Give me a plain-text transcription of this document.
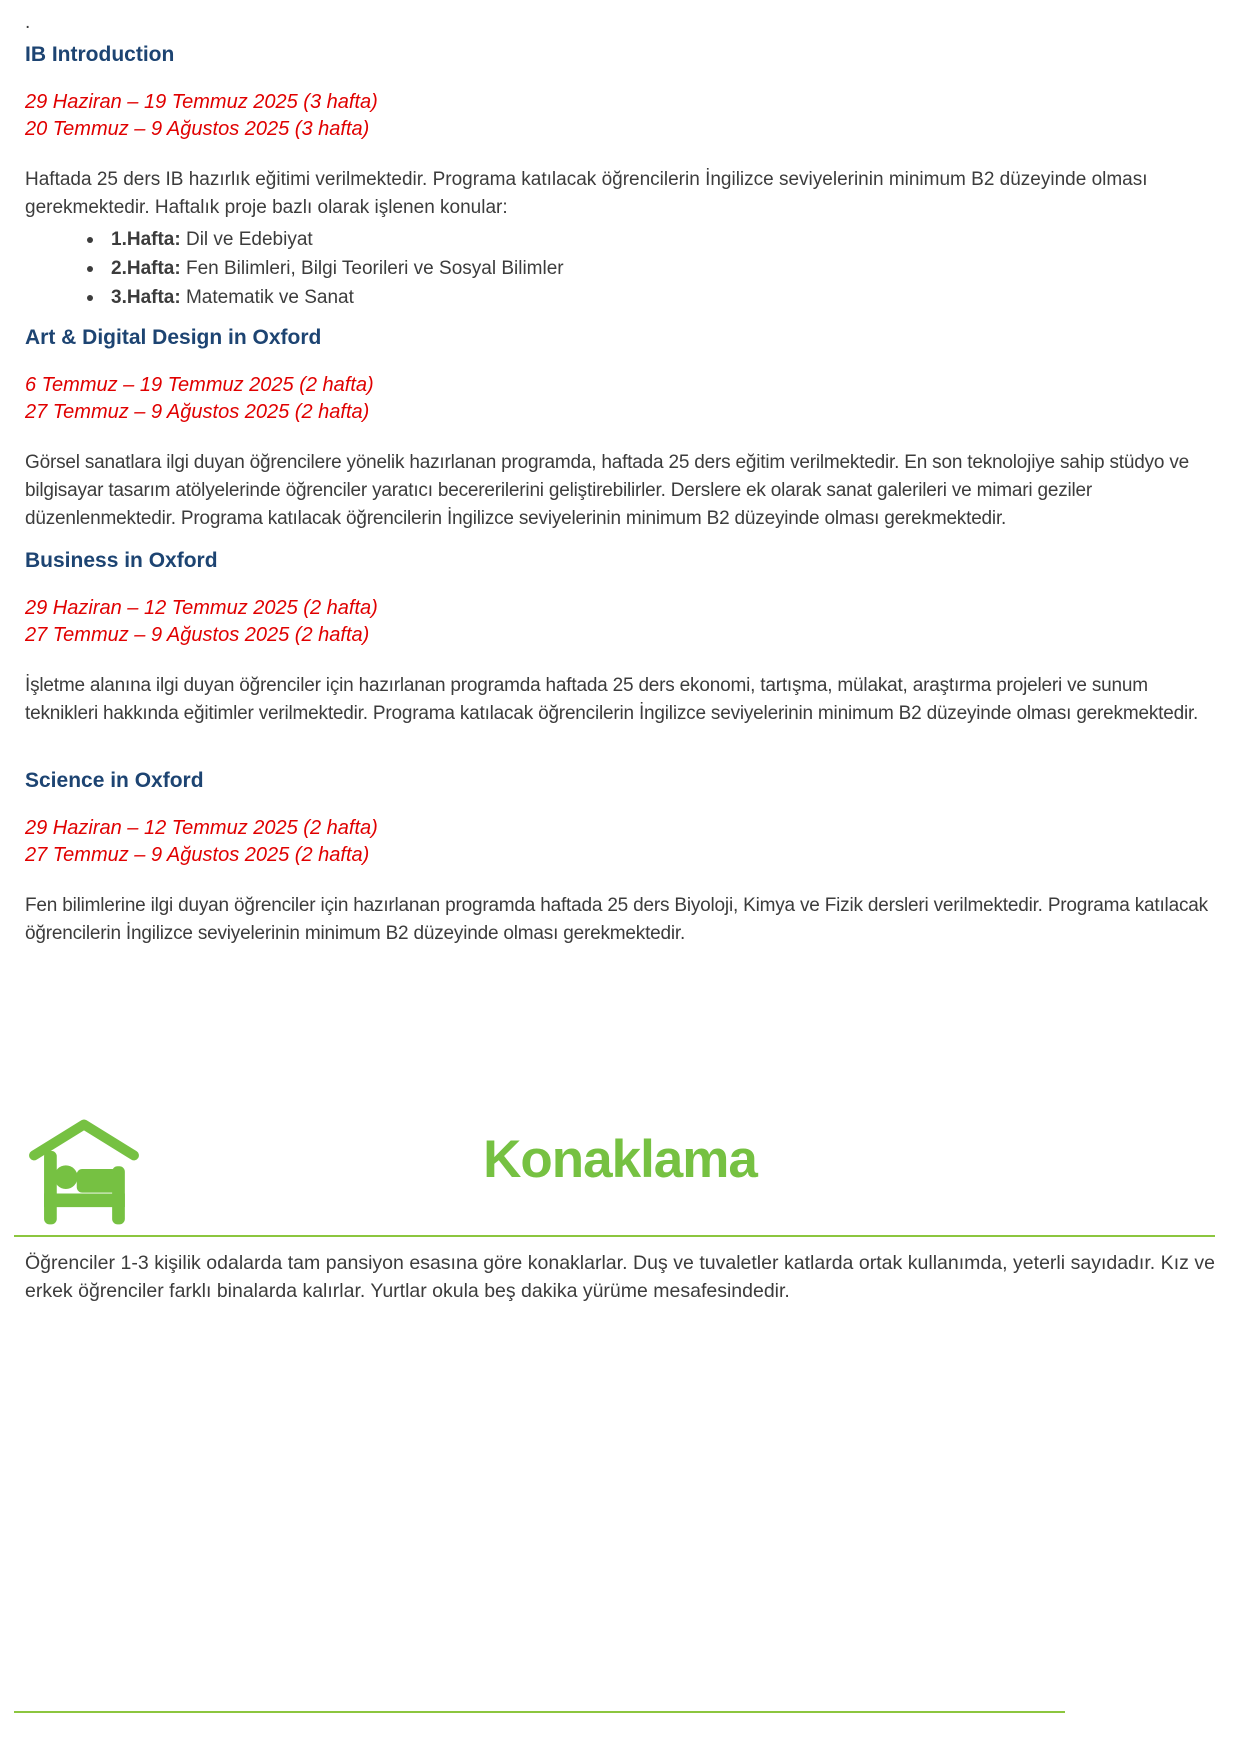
.
IB Introduction
29 Haziran – 19 Temmuz 2025 (3 hafta)
20 Temmuz – 9 Ağustos 2025 (3 hafta)
Haftada 25 ders IB hazırlık eğitimi verilmektedir. Programa katılacak öğrencilerin İngilizce seviyelerinin minimum B2 düzeyinde olması gerekmektedir. Haftalık proje bazlı olarak işlenen konular:
1.Hafta: Dil ve Edebiyat
2.Hafta: Fen Bilimleri, Bilgi Teorileri ve Sosyal Bilimler
3.Hafta: Matematik ve Sanat
Art & Digital Design in Oxford
6 Temmuz – 19 Temmuz 2025 (2 hafta)
27 Temmuz – 9 Ağustos 2025 (2 hafta)
Görsel sanatlara ilgi duyan öğrencilere yönelik hazırlanan programda, haftada 25 ders eğitim verilmektedir. En son teknolojiye sahip stüdyo ve bilgisayar tasarım atölyelerinde öğrenciler yaratıcı becererilerini geliştirebilirler. Derslere ek olarak sanat galerileri ve mimari geziler düzenlenmektedir. Programa katılacak öğrencilerin İngilizce seviyelerinin minimum B2 düzeyinde olması gerekmektedir.
Business in Oxford
29 Haziran – 12 Temmuz 2025 (2 hafta)
27 Temmuz – 9 Ağustos 2025 (2 hafta)
İşletme alanına ilgi duyan öğrenciler için hazırlanan programda haftada 25 ders ekonomi, tartışma, mülakat, araştırma projeleri ve sunum teknikleri hakkında eğitimler verilmektedir. Programa katılacak öğrencilerin İngilizce seviyelerinin minimum B2 düzeyinde olması gerekmektedir.
Science in Oxford
29 Haziran – 12 Temmuz 2025 (2 hafta)
27 Temmuz – 9 Ağustos 2025 (2 hafta)
Fen bilimlerine ilgi duyan öğrenciler için hazırlanan programda haftada 25 ders Biyoloji, Kimya ve Fizik dersleri verilmektedir. Programa katılacak öğrencilerin İngilizce seviyelerinin minimum B2 düzeyinde olması gerekmektedir.
Konaklama
Öğrenciler 1-3 kişilik odalarda tam pansiyon esasına göre konaklarlar. Duş ve tuvaletler katlarda ortak kullanımda, yeterli sayıdadır. Kız ve erkek öğrenciler farklı binalarda kalırlar. Yurtlar okula beş dakika yürüme mesafesindedir.
